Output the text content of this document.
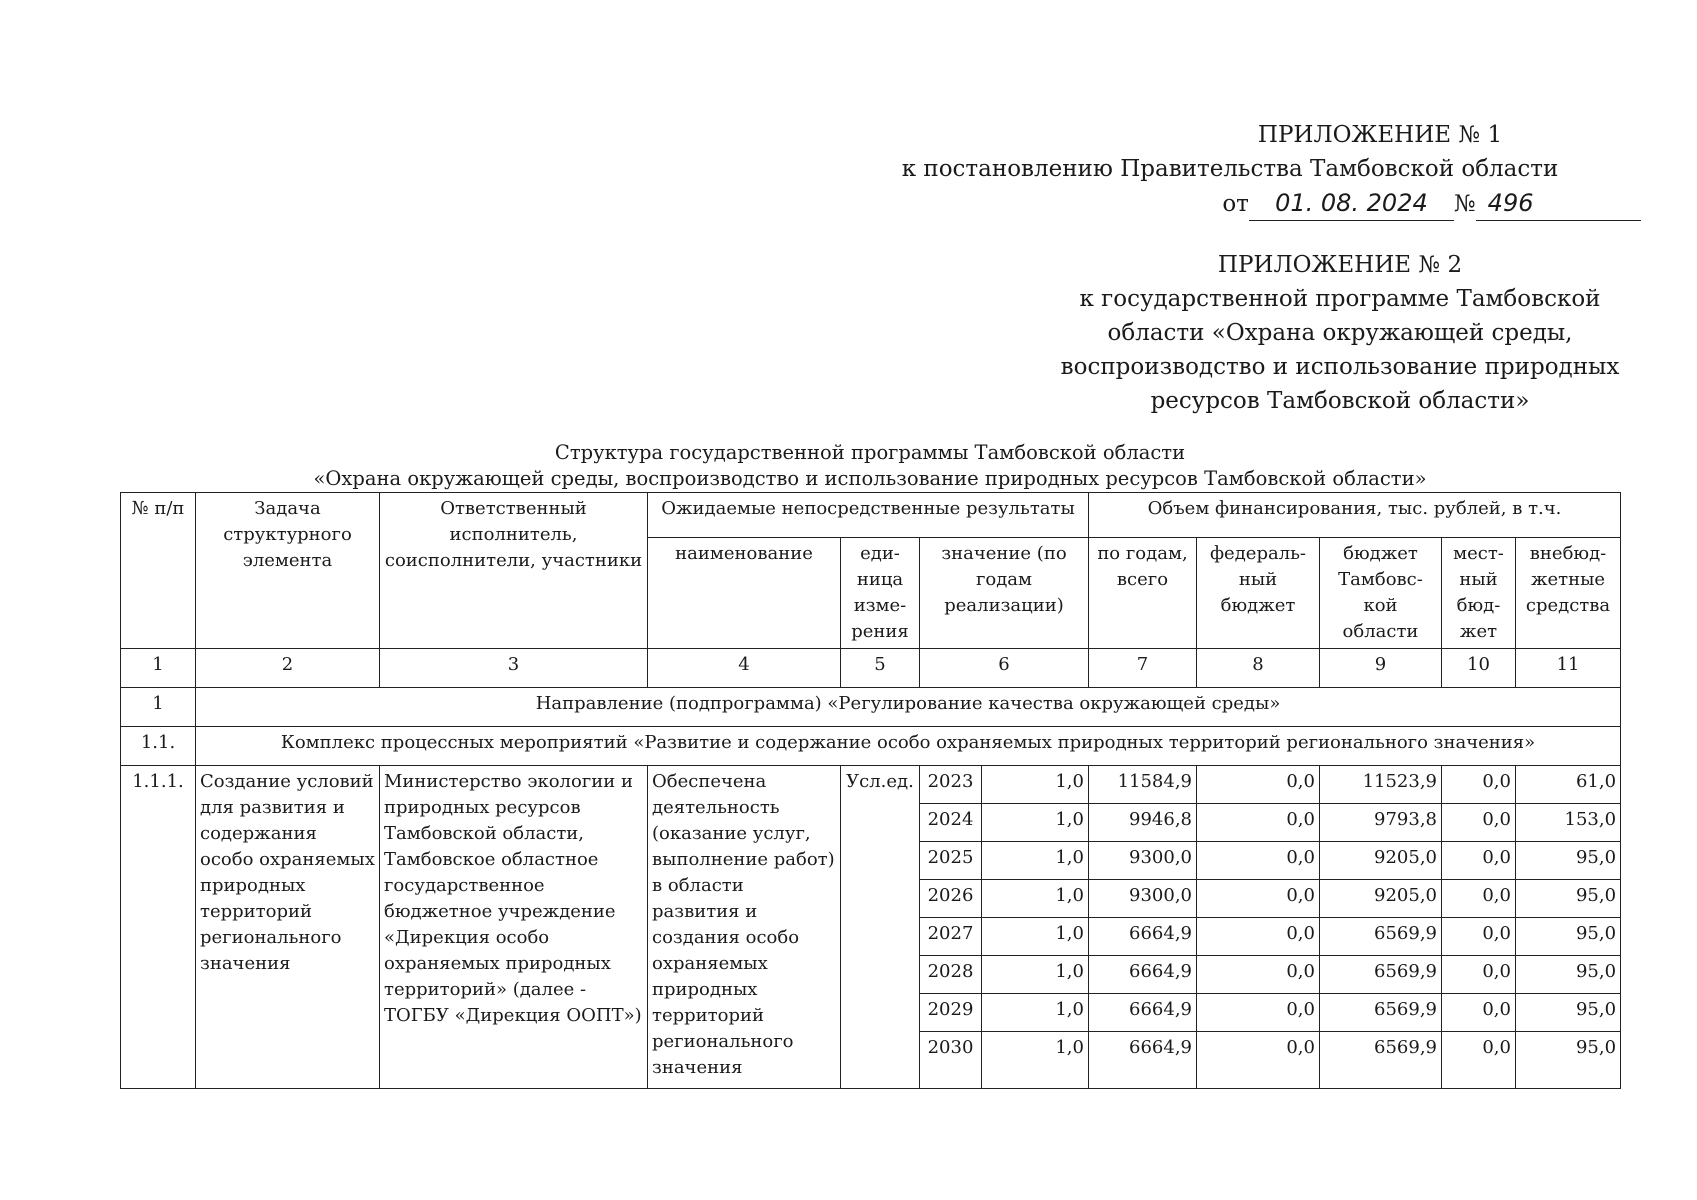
ПРИЛОЖЕНИЕ № 1
к постановлению Правительства Тамбовской области
от 01. 08. 2024 № 496
ПРИЛОЖЕНИЕ № 2
к государственной программе Тамбовской
области «Охрана окружающей среды,
воспроизводство и использование природных
ресурсов Тамбовской области»
Структура государственной программы Тамбовской области
«Охрана окружающей среды, воспроизводство и использование природных ресурсов Тамбовской области»
№ п/п	Задача структурного элемента	Ответственный исполнитель, соисполнители, участники	Ожидаемые непосредственные результаты				Объем финансирования, тыс. рублей, в т.ч.				
			наименование	еди- ница изме- рения	значение (по годам реализации)		по годам, всего	федераль- ный бюджет	бюджет Тамбовс- кой области	мест- ный бюд- жет	внебюд- жетные средства
1	2	3	4	5	6		7	8	9	10	11
1	Направление (подпрограмма) «Регулирование качества окружающей среды»										
1.1.	Комплекс процессных мероприятий «Развитие и содержание особо охраняемых природных территорий регионального значения»										
1.1.1.	Создание условий для развития и содержания особо охраняемых природных территорий регионального значения	Министерство экологии и природных ресурсов Тамбовской области, Тамбовское областное государственное бюджетное учреждение «Дирекция особо охраняемых природных территорий» (далее - ТОГБУ «Дирекция ООПТ»)	Обеспечена деятельность (оказание услуг, выполнение работ) в области развития и создания особо охраняемых природных территорий регионального значения	Усл.ед.	2023	1,0	11584,9	0,0	11523,9	0,0	61,0
					2024	1,0	9946,8	0,0	9793,8	0,0	153,0
					2025	1,0	9300,0	0,0	9205,0	0,0	95,0
					2026	1,0	9300,0	0,0	9205,0	0,0	95,0
					2027	1,0	6664,9	0,0	6569,9	0,0	95,0
					2028	1,0	6664,9	0,0	6569,9	0,0	95,0
					2029	1,0	6664,9	0,0	6569,9	0,0	95,0
					2030	1,0	6664,9	0,0	6569,9	0,0	95,0
